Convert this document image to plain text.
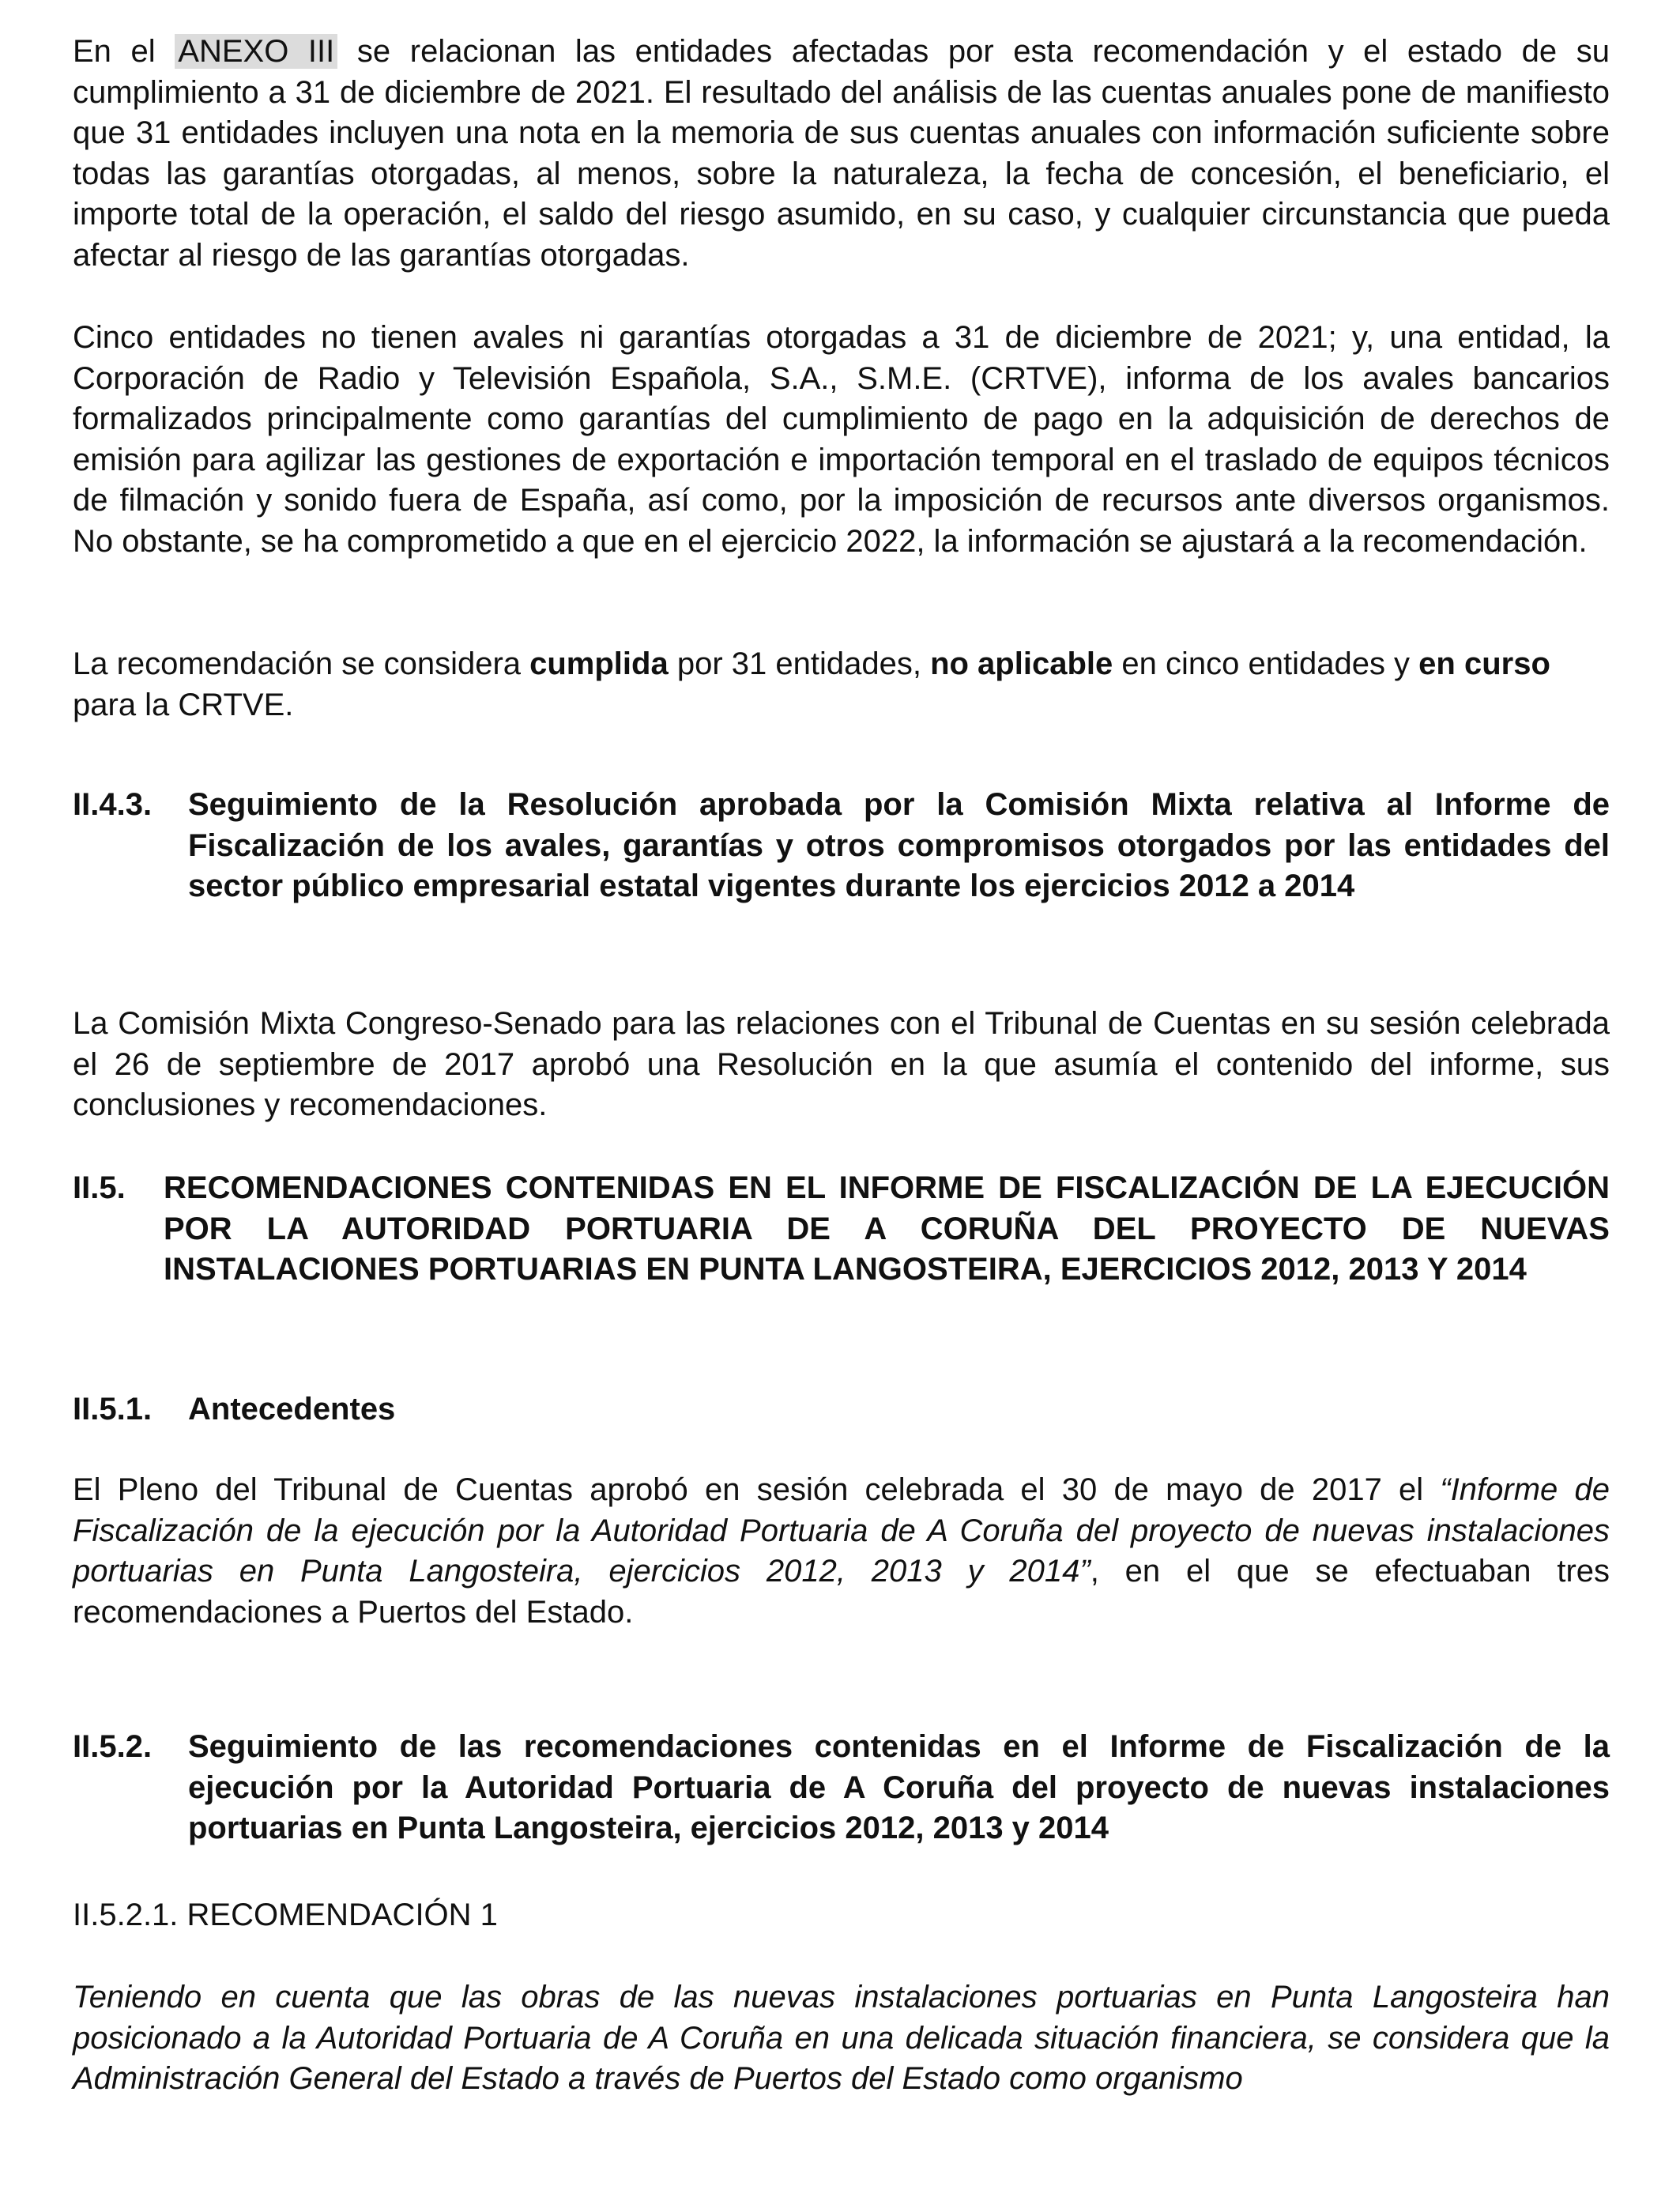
En el ANEXO III se relacionan las entidades afectadas por esta recomendación y el estado de su cumplimiento a 31 de diciembre de 2021. El resultado del análisis de las cuentas anuales pone de manifiesto que 31 entidades incluyen una nota en la memoria de sus cuentas anuales con información suficiente sobre todas las garantías otorgadas, al menos, sobre la naturaleza, la fecha de concesión, el beneficiario, el importe total de la operación, el saldo del riesgo asumido, en su caso, y cualquier circunstancia que pueda afectar al riesgo de las garantías otorgadas.

Cinco entidades no tienen avales ni garantías otorgadas a 31 de diciembre de 2021; y, una entidad, la Corporación de Radio y Televisión Española, S.A., S.M.E. (CRTVE), informa de los avales bancarios formalizados principalmente como garantías del cumplimiento de pago en la adquisición de derechos de emisión para agilizar las gestiones de exportación e importación temporal en el traslado de equipos técnicos de filmación y sonido fuera de España, así como, por la imposición de recursos ante diversos organismos. No obstante, se ha comprometido a que en el ejercicio 2022, la información se ajustará a la recomendación.

La recomendación se considera cumplida por 31 entidades, no aplicable en cinco entidades y en curso para la CRTVE.

II.4.3. Seguimiento de la Resolución aprobada por la Comisión Mixta relativa al Informe de Fiscalización de los avales, garantías y otros compromisos otorgados por las entidades del sector público empresarial estatal vigentes durante los ejercicios 2012 a 2014

La Comisión Mixta Congreso-Senado para las relaciones con el Tribunal de Cuentas en su sesión celebrada el 26 de septiembre de 2017 aprobó una Resolución en la que asumía el contenido del informe, sus conclusiones y recomendaciones.

II.5. RECOMENDACIONES CONTENIDAS EN EL INFORME DE FISCALIZACIÓN DE LA EJECUCIÓN POR LA AUTORIDAD PORTUARIA DE A CORUÑA DEL PROYECTO DE NUEVAS INSTALACIONES PORTUARIAS EN PUNTA LANGOSTEIRA, EJERCICIOS 2012, 2013 Y 2014
II.5.1. Antecedentes

El Pleno del Tribunal de Cuentas aprobó en sesión celebrada el 30 de mayo de 2017 el “Informe de Fiscalización de la ejecución por la Autoridad Portuaria de A Coruña del proyecto de nuevas instalaciones portuarias en Punta Langosteira, ejercicios 2012, 2013 y 2014”, en el que se efectuaban tres recomendaciones a Puertos del Estado.

II.5.2. Seguimiento de las recomendaciones contenidas en el Informe de Fiscalización de la ejecución por la Autoridad Portuaria de A Coruña del proyecto de nuevas instalaciones portuarias en Punta Langosteira, ejercicios 2012, 2013 y 2014
II.5.2.1. RECOMENDACIÓN 1

Teniendo en cuenta que las obras de las nuevas instalaciones portuarias en Punta Langosteira han posicionado a la Autoridad Portuaria de A Coruña en una delicada situación financiera, se considera que la Administración General del Estado a través de Puertos del Estado como organismo
